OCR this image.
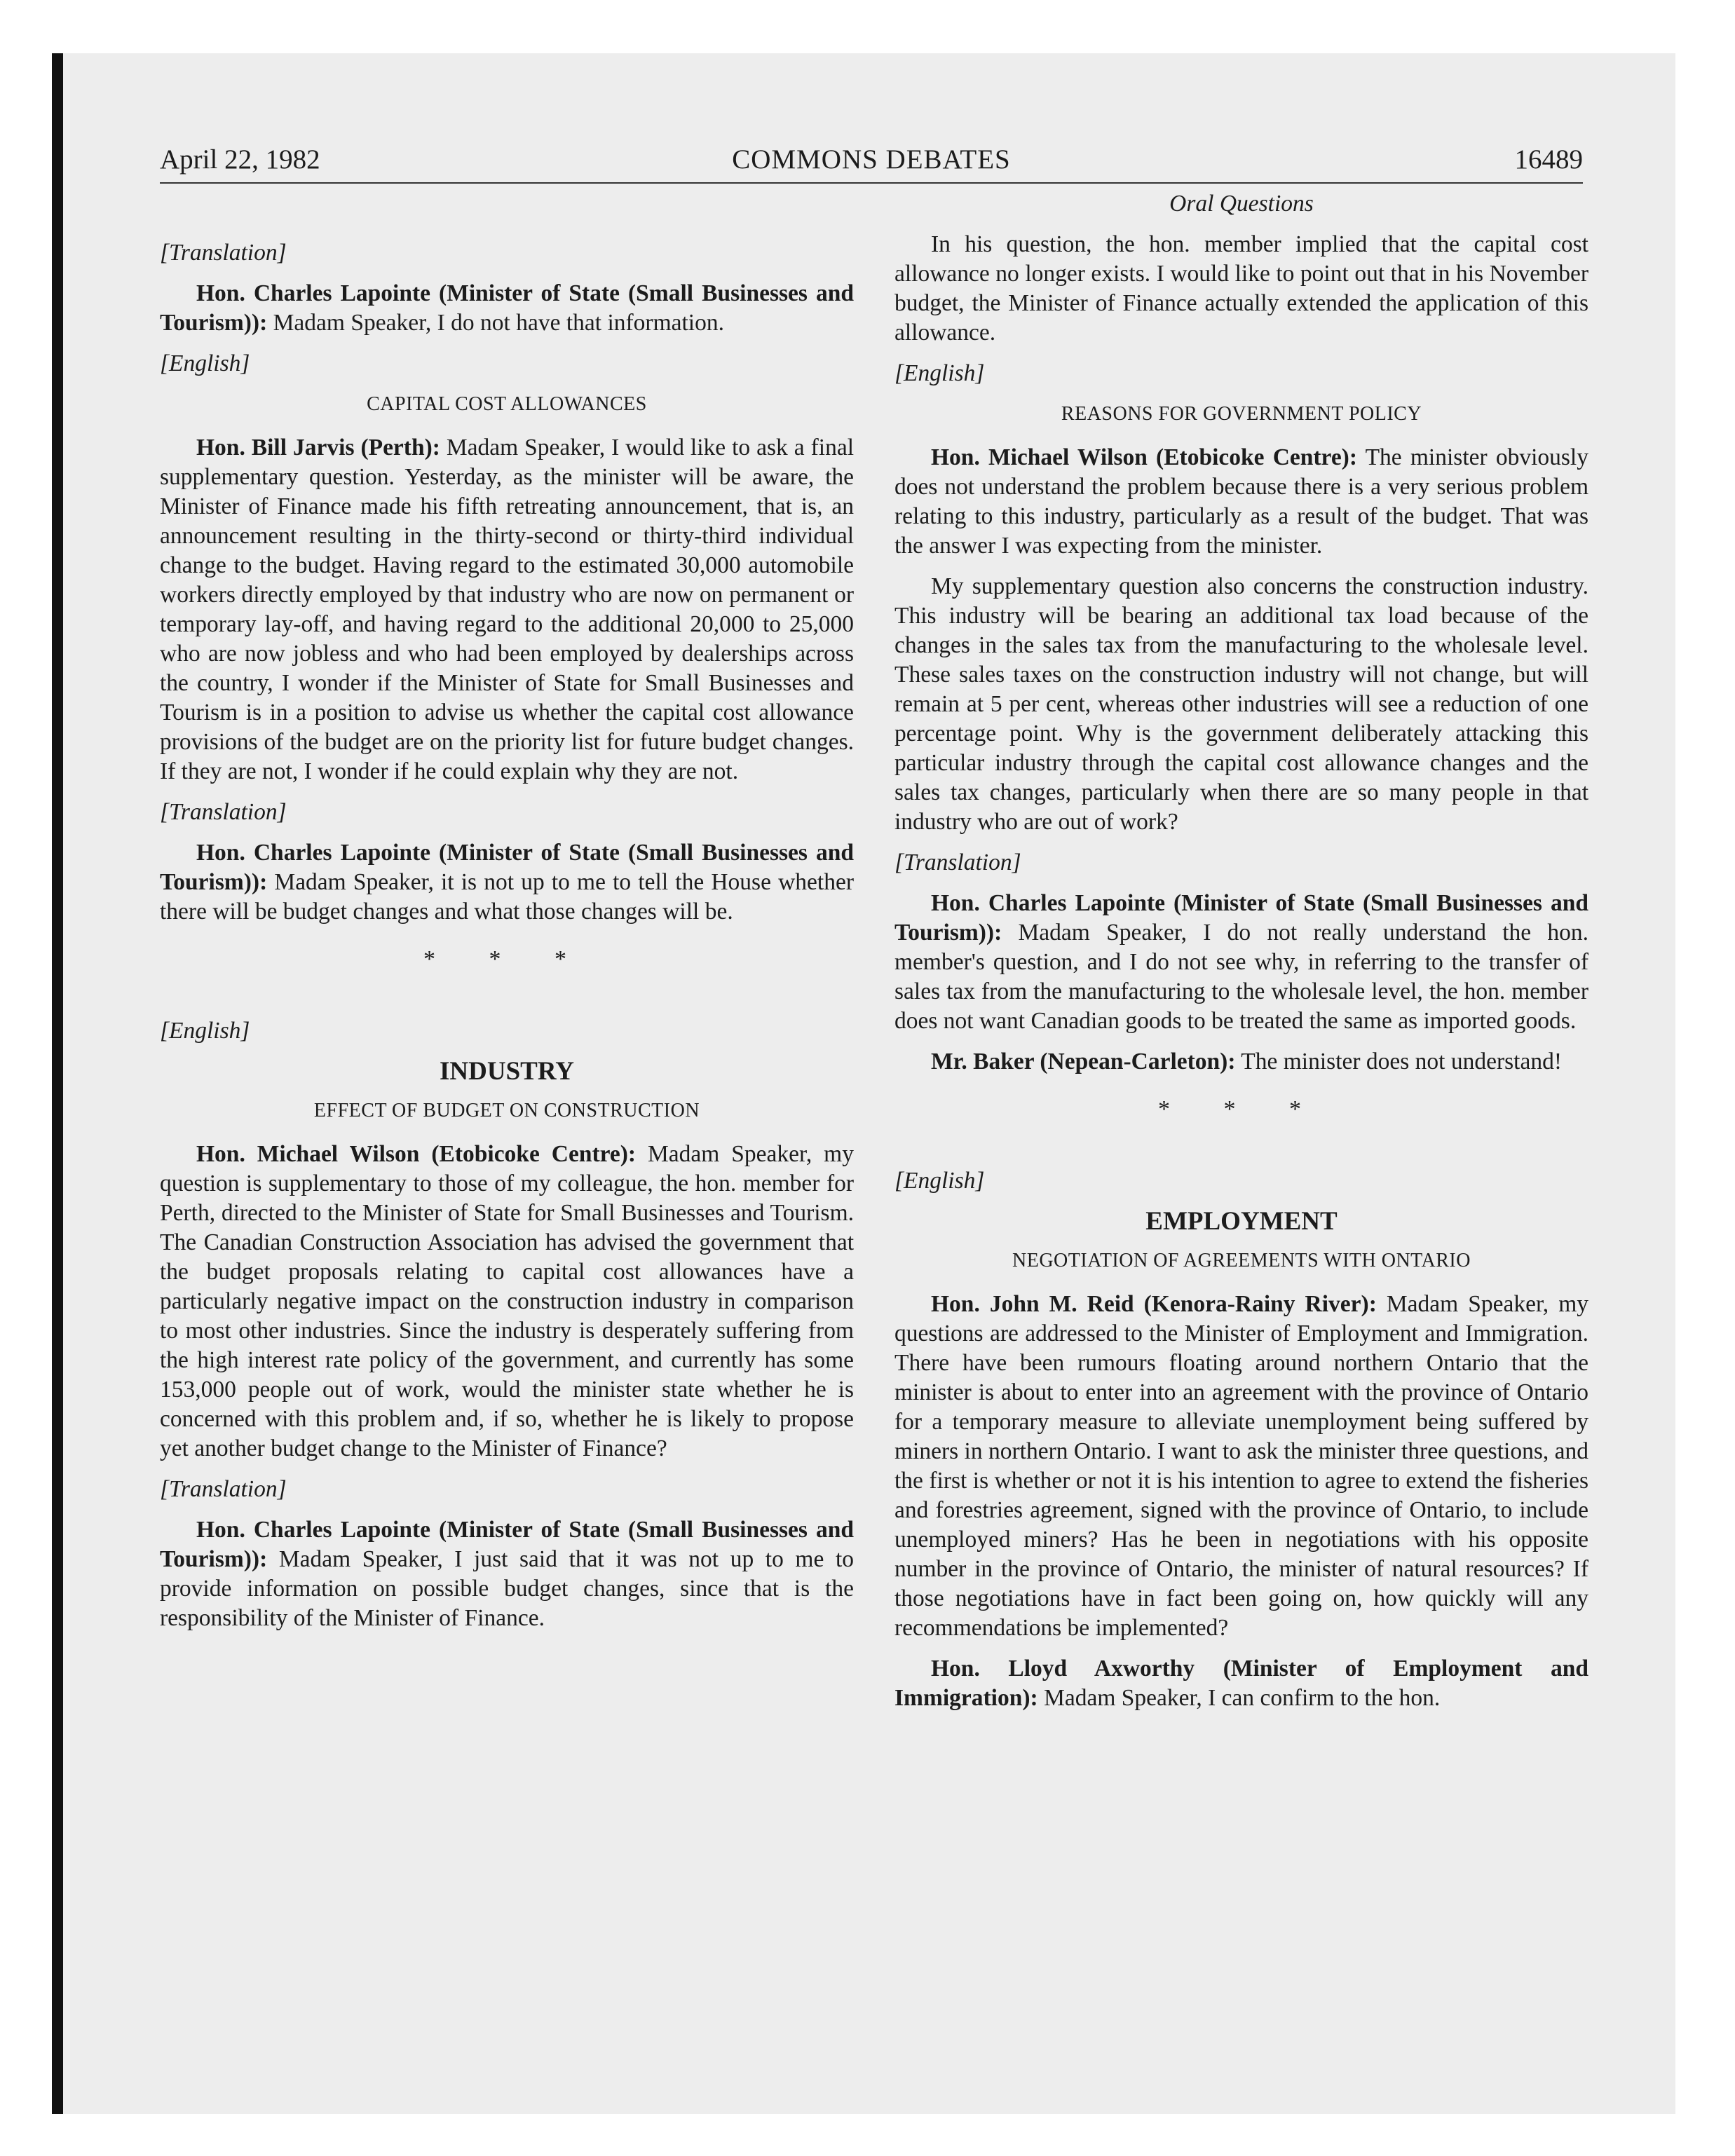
April 22, 1982	COMMONS DEBATES	16489
[Translation]

Hon. Charles Lapointe (Minister of State (Small Businesses and Tourism)): Madam Speaker, I do not have that information.

[English]
CAPITAL COST ALLOWANCES

Hon. Bill Jarvis (Perth): Madam Speaker, I would like to ask a final supplementary question. Yesterday, as the minister will be aware, the Minister of Finance made his fifth retreating announcement, that is, an announcement resulting in the thirty-second or thirty-third individual change to the budget. Having regard to the estimated 30,000 automobile workers directly employed by that industry who are now on permanent or temporary lay-off, and having regard to the additional 20,000 to 25,000 who are now jobless and who had been employed by dealerships across the country, I wonder if the Minister of State for Small Businesses and Tourism is in a position to advise us whether the capital cost allowance provisions of the budget are on the priority list for future budget changes. If they are not, I wonder if he could explain why they are not.

[Translation]

Hon. Charles Lapointe (Minister of State (Small Businesses and Tourism)): Madam Speaker, it is not up to me to tell the House whether there will be budget changes and what those changes will be.

* * *
[English]
INDUSTRY
EFFECT OF BUDGET ON CONSTRUCTION

Hon. Michael Wilson (Etobicoke Centre): Madam Speaker, my question is supplementary to those of my colleague, the hon. member for Perth, directed to the Minister of State for Small Businesses and Tourism. The Canadian Construction Association has advised the government that the budget proposals relating to capital cost allowances have a particularly negative impact on the construction industry in comparison to most other industries. Since the industry is desperately suffering from the high interest rate policy of the government, and currently has some 153,000 people out of work, would the minister state whether he is concerned with this problem and, if so, whether he is likely to propose yet another budget change to the Minister of Finance?

[Translation]

Hon. Charles Lapointe (Minister of State (Small Businesses and Tourism)): Madam Speaker, I just said that it was not up to me to provide information on possible budget changes, since that is the responsibility of the Minister of Finance.

Oral Questions

In his question, the hon. member implied that the capital cost allowance no longer exists. I would like to point out that in his November budget, the Minister of Finance actually extended the application of this allowance.

[English]
REASONS FOR GOVERNMENT POLICY

Hon. Michael Wilson (Etobicoke Centre): The minister obviously does not understand the problem because there is a very serious problem relating to this industry, particularly as a result of the budget. That was the answer I was expecting from the minister.

My supplementary question also concerns the construction industry. This industry will be bearing an additional tax load because of the changes in the sales tax from the manufacturing to the wholesale level. These sales taxes on the construction industry will not change, but will remain at 5 per cent, whereas other industries will see a reduction of one percentage point. Why is the government deliberately attacking this particular industry through the capital cost allowance changes and the sales tax changes, particularly when there are so many people in that industry who are out of work?

[Translation]

Hon. Charles Lapointe (Minister of State (Small Businesses and Tourism)): Madam Speaker, I do not really understand the hon. member's question, and I do not see why, in referring to the transfer of sales tax from the manufacturing to the wholesale level, the hon. member does not want Canadian goods to be treated the same as imported goods.

Mr. Baker (Nepean-Carleton): The minister does not understand!

* * *
[English]
EMPLOYMENT
NEGOTIATION OF AGREEMENTS WITH ONTARIO

Hon. John M. Reid (Kenora-Rainy River): Madam Speaker, my questions are addressed to the Minister of Employment and Immigration. There have been rumours floating around northern Ontario that the minister is about to enter into an agreement with the province of Ontario for a temporary measure to alleviate unemployment being suffered by miners in northern Ontario. I want to ask the minister three questions, and the first is whether or not it is his intention to agree to extend the fisheries and forestries agreement, signed with the province of Ontario, to include unemployed miners? Has he been in negotiations with his opposite number in the province of Ontario, the minister of natural resources? If those negotiations have in fact been going on, how quickly will any recommendations be implemented?

Hon. Lloyd Axworthy (Minister of Employment and Immigration): Madam Speaker, I can confirm to the hon.
